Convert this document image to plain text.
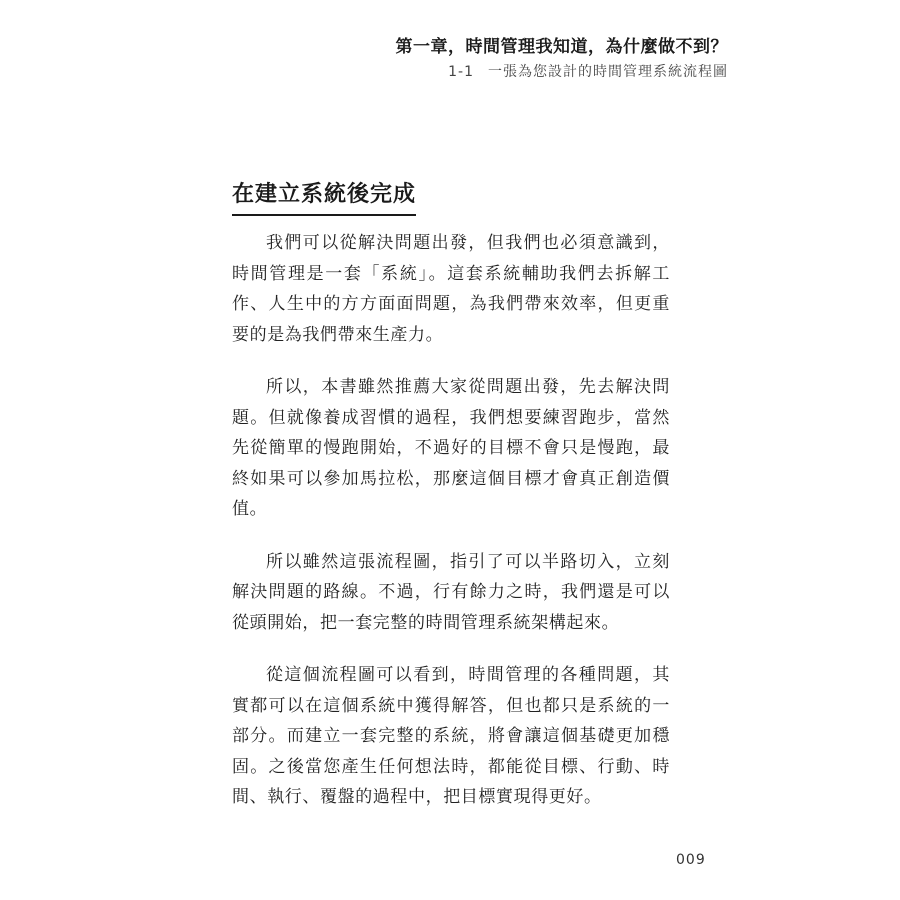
第一章，時間管理我知道，為什麼做不到？
1-1 一張為您設計的時間管理系統流程圖
在建立系統後完成

我們可以從解決問題出發，但我們也必須意識到，時間管理是一套「系統」。這套系統輔助我們去拆解工作、人生中的方方面面問題，為我們帶來效率，但更重要的是為我們帶來生產力。

所以，本書雖然推薦大家從問題出發，先去解決問題。但就像養成習慣的過程，我們想要練習跑步，當然先從簡單的慢跑開始，不過好的目標不會只是慢跑，最終如果可以參加馬拉松，那麼這個目標才會真正創造價值。

所以雖然這張流程圖，指引了可以半路切入，立刻解決問題的路線。不過，行有餘力之時，我們還是可以從頭開始，把一套完整的時間管理系統架構起來。

從這個流程圖可以看到，時間管理的各種問題，其實都可以在這個系統中獲得解答，但也都只是系統的一部分。而建立一套完整的系統，將會讓這個基礎更加穩固。之後當您產生任何想法時，都能從目標、行動、時間、執行、覆盤的過程中，把目標實現得更好。

009
